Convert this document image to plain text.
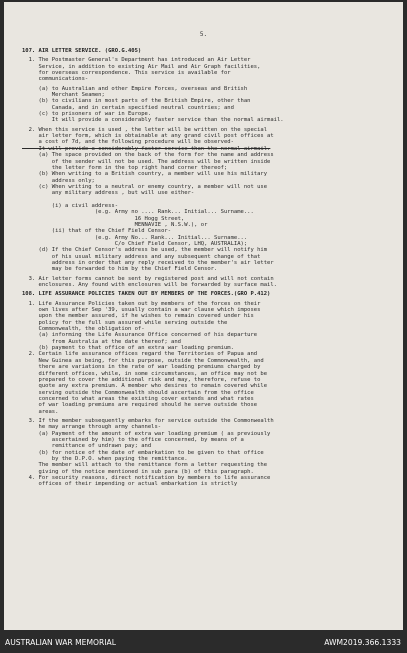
5.
107. AIR LETTER SERVICE. (GRO.G.405)
1. The Postmaster General's Department has introduced an Air Letter
Service, in addition to existing Air Mail and Air Graph facilities,
for overseas correspondence. This service is available for
communications-
(a) to Australian and other Empire Forces, overseas and British
Merchant Seamen;
(b) to civilians in most parts of the British Empire, other than
Canada, and in certain specified neutral countries; and
(c) to prisoners of war in Europe.
It will provide a considerably faster service than the normal airmail.
2. When this service is used , the letter will be written on the special
air letter form, which is obtainable at any grand civil post offices at
a cost of 7d, and the following procedure will be observed-
It will provide a considerably faster service than the normal airmail.
(a) The space provided on the back of the form for the name and address
of the sender will not be used. The address will be written inside
the letter form in the top right hand corner thereof;
(b) When writing to a British country, a member will use his military
address only;
(c) When writing to a neutral or enemy country, a member will not use
any military address , but will use either-
(i) a civil address-
(e.g. Army no .... Rank... Initial... Surname...
16 Hogg Street,
MENNAVIE , N.S.W.), or
(ii) that of the Chief Field Censor-
(e.g. Army No... Rank... Initial... Surname...
C/o Chief Field Censor, LHQ, AUSTRALIA);
(d) If the Chief Censor's address be used, the member will notify him
of his usual military address and any subsequent change of that
address in order that any reply received to the member's air letter
may be forwarded to him by the Chief Field Censor.
3. Air letter forms cannot be sent by registered post and will not contain
enclosures. Any found with enclosures will be forwarded by surface mail.
108. LIFE ASSURANCE POLICIES TAKEN OUT BY MEMBERS OF THE FORCES.(GRO P.412)
1. Life Assurance Policies taken out by members of the forces on their
own lives after Sep '39, usually contain a war clause which imposes
upon the member assured, if he wishes to remain covered under his
policy for the full sum assured while serving outside the
Commonwealth, the obligation of-
(a) informing the Life Assurance Office concerned of his departure
from Australia at the date thereof; and
(b) payment to that office of an extra war loading premium.
2. Certain life assurance offices regard the Territories of Papua and
New Guinea as being, for this purpose, outside the Commonwealth, and
there are variations in the rate of war loading premiums charged by
different offices, while, in some circumstances, an office may not be
prepared to cover the additional risk and may, therefore, refuse to
quote any extra premium. A member who desires to remain covered while
serving outside the Commonwealth should ascertain from the office
concerned to what areas the existing cover extends and what rates
of war loading premiums are required should he serve outside those
areas.
3. If the member subsequently embarks for service outside the Commonwealth
he may arrange through army channels-
(a) Payment of the amount of extra war loading premium ( as previously
ascertained by him) to the office concerned, by means of a
remittance of undrawn pay; and
(b) for notice of the date of embarkation to be given to that office
by the D.P.O. when paying the remittance.
The member will attach to the remittance form a letter requesting the
giving of the notice mentioned in sub para (b) of this paragraph.
4. For security reasons, direct notification by members to life assurance
offices of their impending or actual embarkation is strictly
AUSTRALIAN WAR MEMORIAL	AWM2019.366.1333
